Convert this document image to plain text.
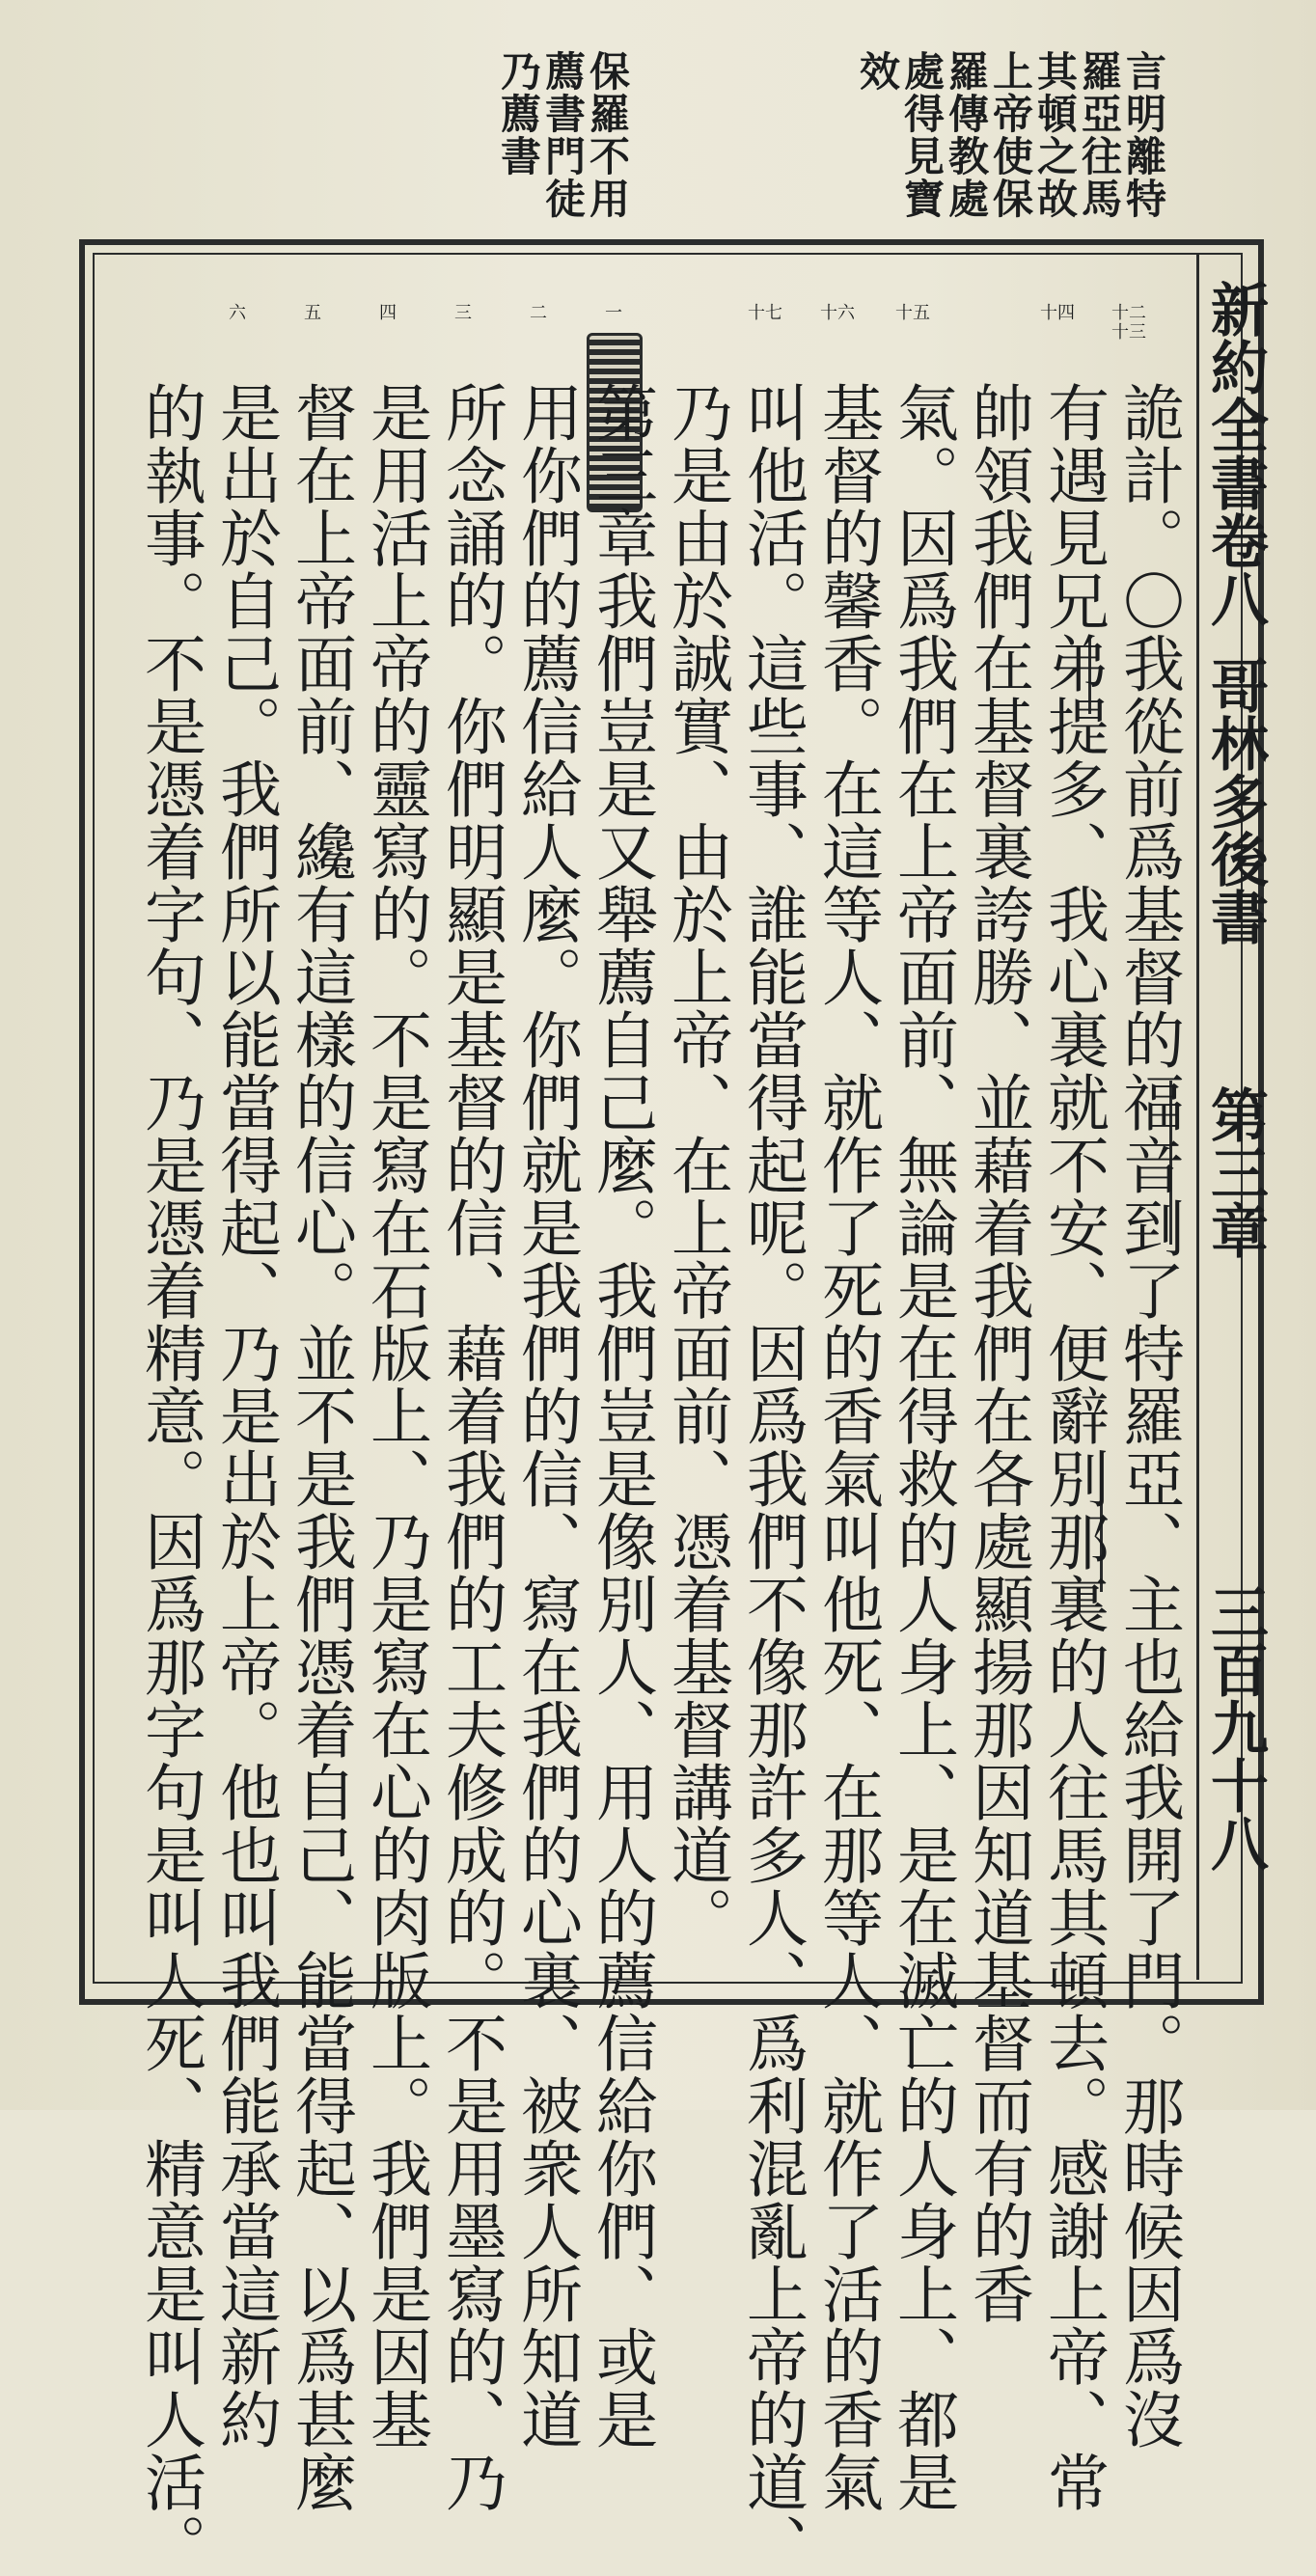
言明離特
羅亞往馬
其頓之故
上帝使保
羅傳教處
處得見寶
效
保羅不用
薦書門徒
乃薦書
新約全書卷八
哥林多後書
第三章
三百九十八
十二
十三
十四
十五
十六
十七
一
二
三
四
五
六
詭計。〇我從前爲基督的福音到了特羅亞、主也給我開了門。那時候因爲沒
有遇見兄弟提多、我心裏就不安、便辭別那裏的人往馬其頓去。感謝上帝、常
帥領我們在基督裏誇勝、並藉着我們在各處顯揚那因知道基督而有的香
氣。因爲我們在上帝面前、無論是在得救的人身上、是在滅亡的人身上、都是
基督的馨香。在這等人、就作了死的香氣叫他死、在那等人、就作了活的香氣
叫他活。這些事、誰能當得起呢。因爲我們不像那許多人、爲利混亂上帝的道、
乃是由於誠實、由於上帝、在上帝面前、憑着基督講道。
第三章我們豈是又舉薦自己麼。我們豈是像別人、用人的薦信給你們、或是
用你們的薦信給人麼。你們就是我們的信、寫在我們的心裏、被衆人所知道
所念誦的。你們明顯是基督的信、藉着我們的工夫修成的。不是用墨寫的、乃
是用活上帝的靈寫的。不是寫在石版上、乃是寫在心的肉版上。我們是因基
督在上帝面前、纔有這樣的信心。並不是我們憑着自己、能當得起、以爲甚麼
是出於自己。我們所以能當得起、乃是出於上帝。他也叫我們能承當這新約
的執事。不是憑着字句、乃是憑着精意。因爲那字句是叫人死、精意是叫人活。
